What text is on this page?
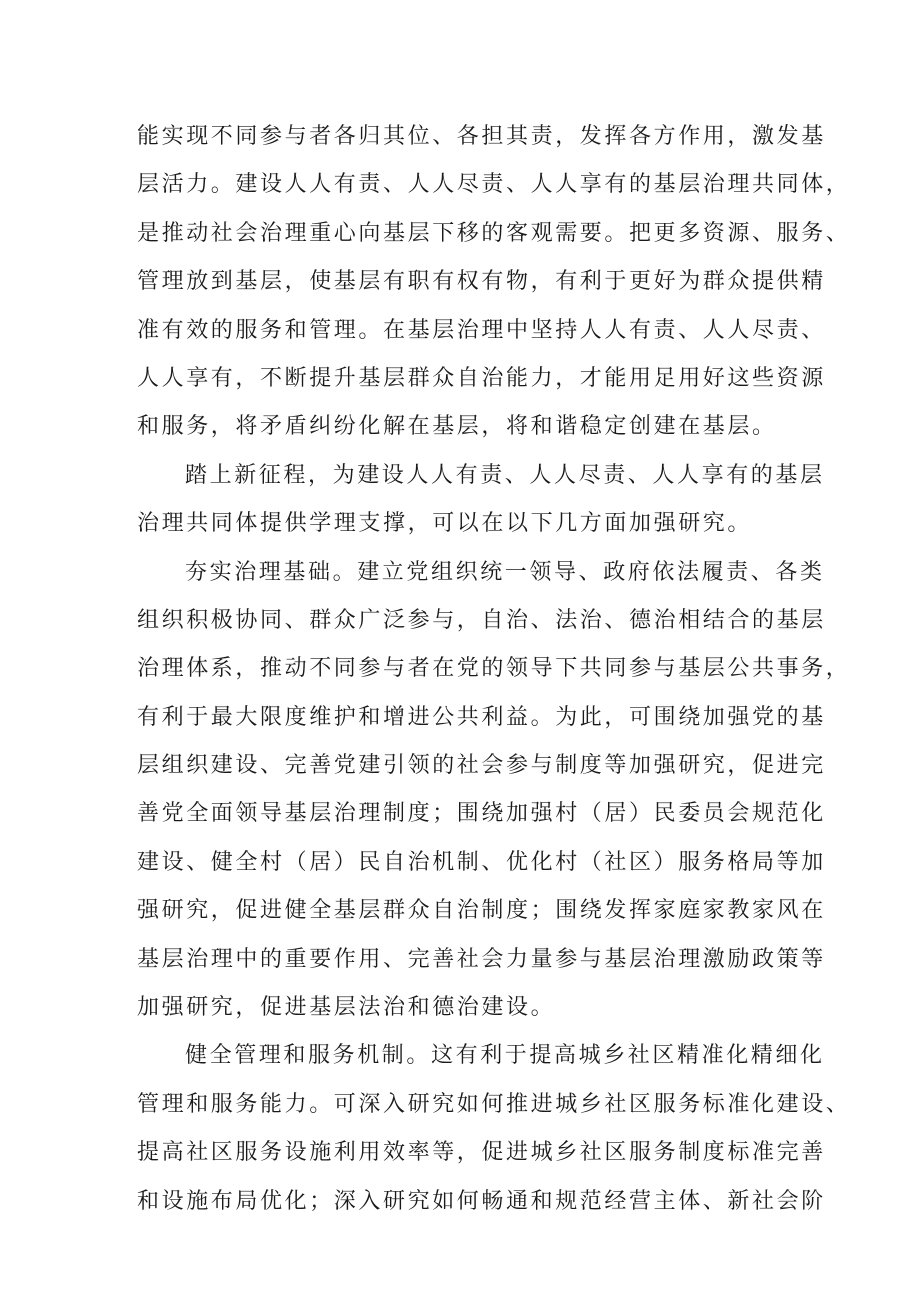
能实现不同参与者各归其位、各担其责，发挥各方作用，激发基
层活力。建设人人有责、人人尽责、人人享有的基层治理共同体，
是推动社会治理重心向基层下移的客观需要。把更多资源、服务、
管理放到基层，使基层有职有权有物，有利于更好为群众提供精
准有效的服务和管理。在基层治理中坚持人人有责、人人尽责、
人人享有，不断提升基层群众自治能力，才能用足用好这些资源
和服务，将矛盾纠纷化解在基层，将和谐稳定创建在基层。
踏上新征程，为建设人人有责、人人尽责、人人享有的基层
治理共同体提供学理支撑，可以在以下几方面加强研究。
夯实治理基础。建立党组织统一领导、政府依法履责、各类
组织积极协同、群众广泛参与，自治、法治、德治相结合的基层
治理体系，推动不同参与者在党的领导下共同参与基层公共事务，
有利于最大限度维护和增进公共利益。为此，可围绕加强党的基
层组织建设、完善党建引领的社会参与制度等加强研究，促进完
善党全面领导基层治理制度；围绕加强村（居）民委员会规范化
建设、健全村（居）民自治机制、优化村（社区）服务格局等加
强研究，促进健全基层群众自治制度；围绕发挥家庭家教家风在
基层治理中的重要作用、完善社会力量参与基层治理激励政策等
加强研究，促进基层法治和德治建设。
健全管理和服务机制。这有利于提高城乡社区精准化精细化
管理和服务能力。可深入研究如何推进城乡社区服务标准化建设、
提高社区服务设施利用效率等，促进城乡社区服务制度标准完善
和设施布局优化；深入研究如何畅通和规范经营主体、新社会阶
